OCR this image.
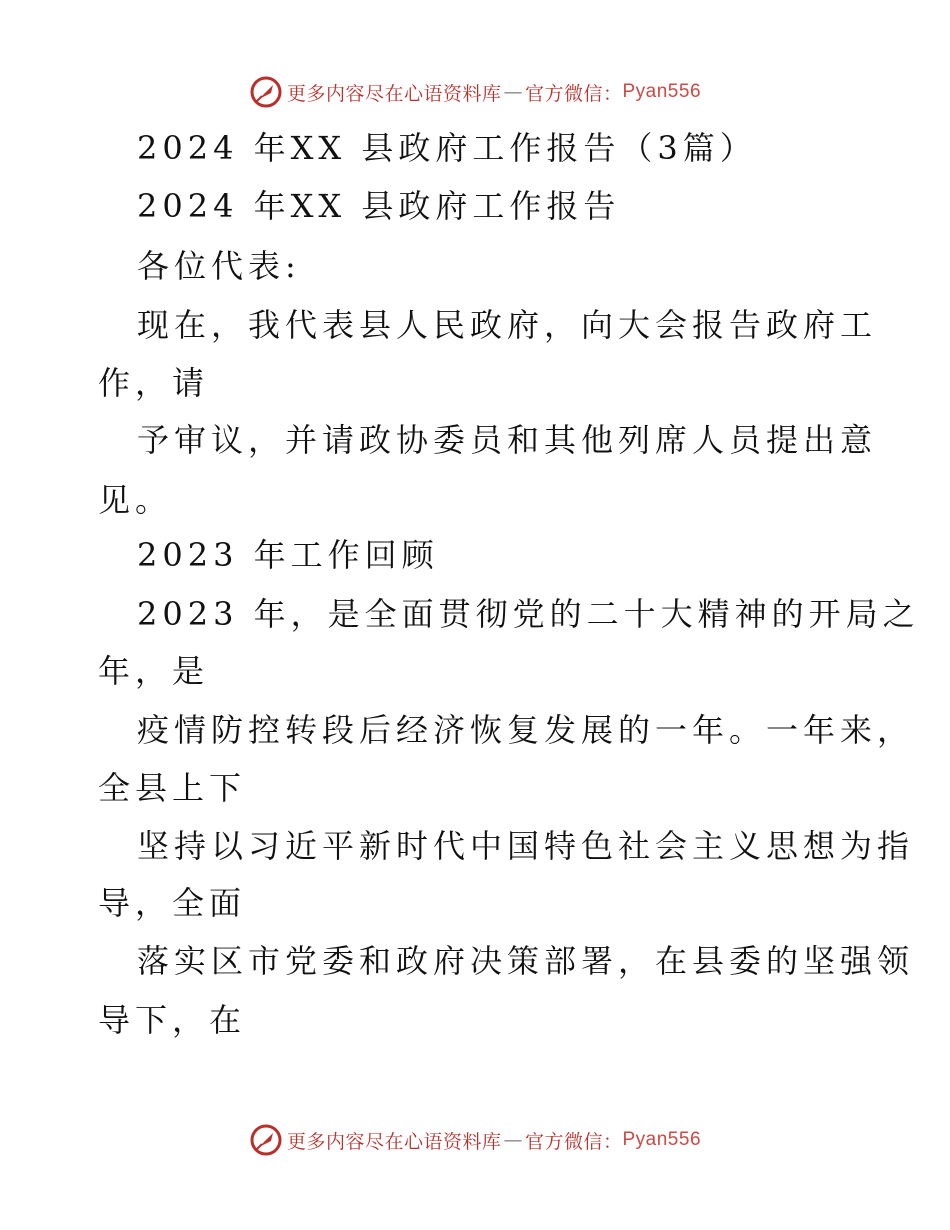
更多内容尽在心语资料库 — 官方微信： Pyan556
2024 年XX 县政府工作报告（3篇）
2024 年XX 县政府工作报告
各位代表:
现在，我代表县人民政府，向大会报告政府工
作，请
予审议，并请政协委员和其他列席人员提出意
见。
2023 年工作回顾
2023 年，是全面贯彻党的二十大精神的开局之
年，是
疫情防控转段后经济恢复发展的一年。一年来，
全县上下
坚持以习近平新时代中国特色社会主义思想为指
导，全面
落实区市党委和政府决策部署，在县委的坚强领
导下，在
更多内容尽在心语资料库 — 官方微信： Pyan556
